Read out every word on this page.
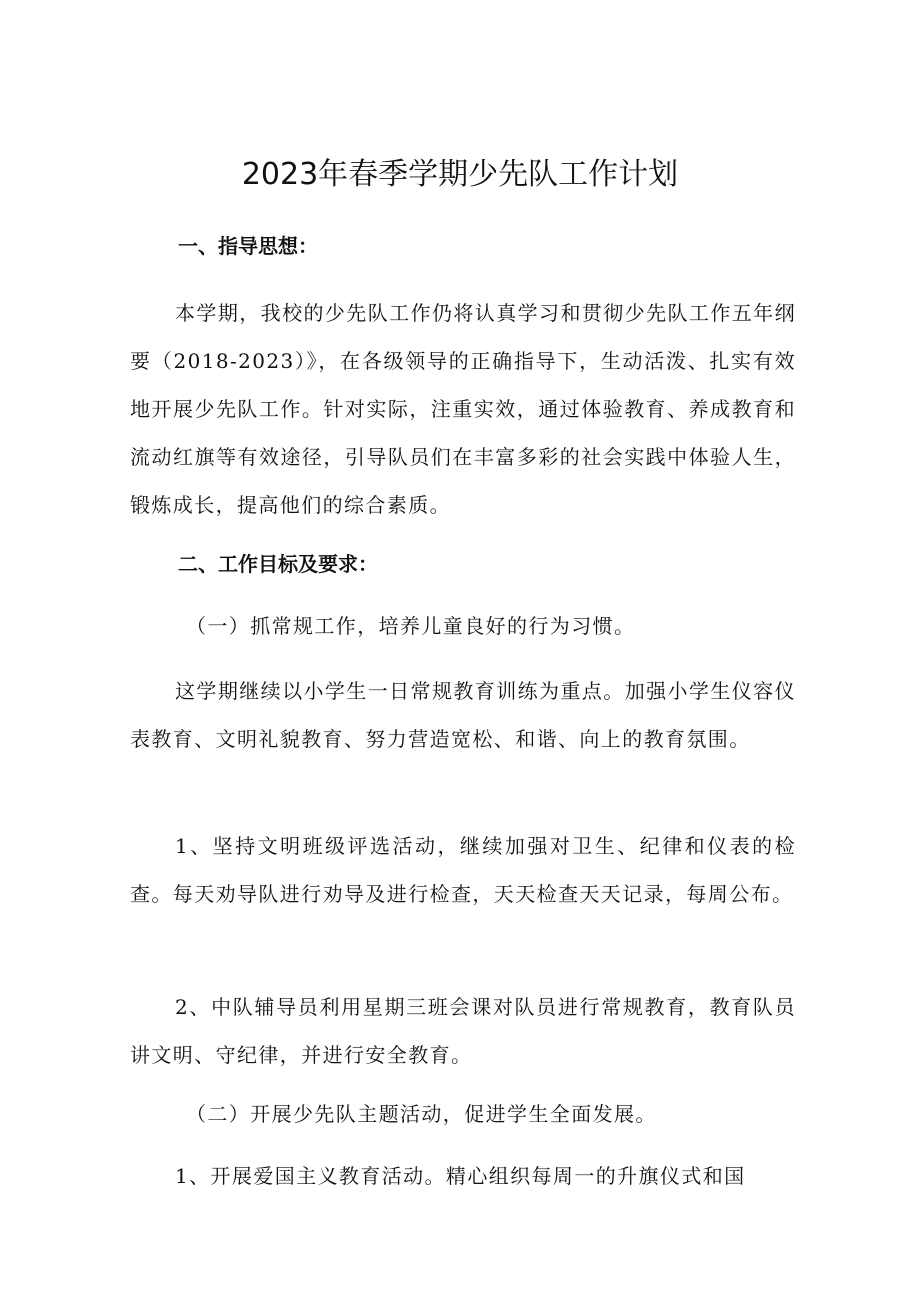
2023年春季学期少先队工作计划
一、指导思想：

本学期，我校的少先队工作仍将认真学习和贯彻少先队工作五年纲要（2018-2023）》，在各级领导的正确指导下，生动活泼、扎实有效地开展少先队工作。针对实际，注重实效，通过体验教育、养成教育和流动红旗等有效途径，引导队员们在丰富多彩的社会实践中体验人生，锻炼成长，提高他们的综合素质。

二、工作目标及要求：

（一）抓常规工作，培养儿童良好的行为习惯。

这学期继续以小学生一日常规教育训练为重点。加强小学生仪容仪表教育、文明礼貌教育、努力营造宽松、和谐、向上的教育氛围。

1、坚持文明班级评选活动，继续加强对卫生、纪律和仪表的检查。每天劝导队进行劝导及进行检查，天天检查天天记录，每周公布。

2、中队辅导员利用星期三班会课对队员进行常规教育，教育队员讲文明、守纪律，并进行安全教育。

（二）开展少先队主题活动，促进学生全面发展。

1、开展爱国主义教育活动。精心组织每周一的升旗仪式和国
